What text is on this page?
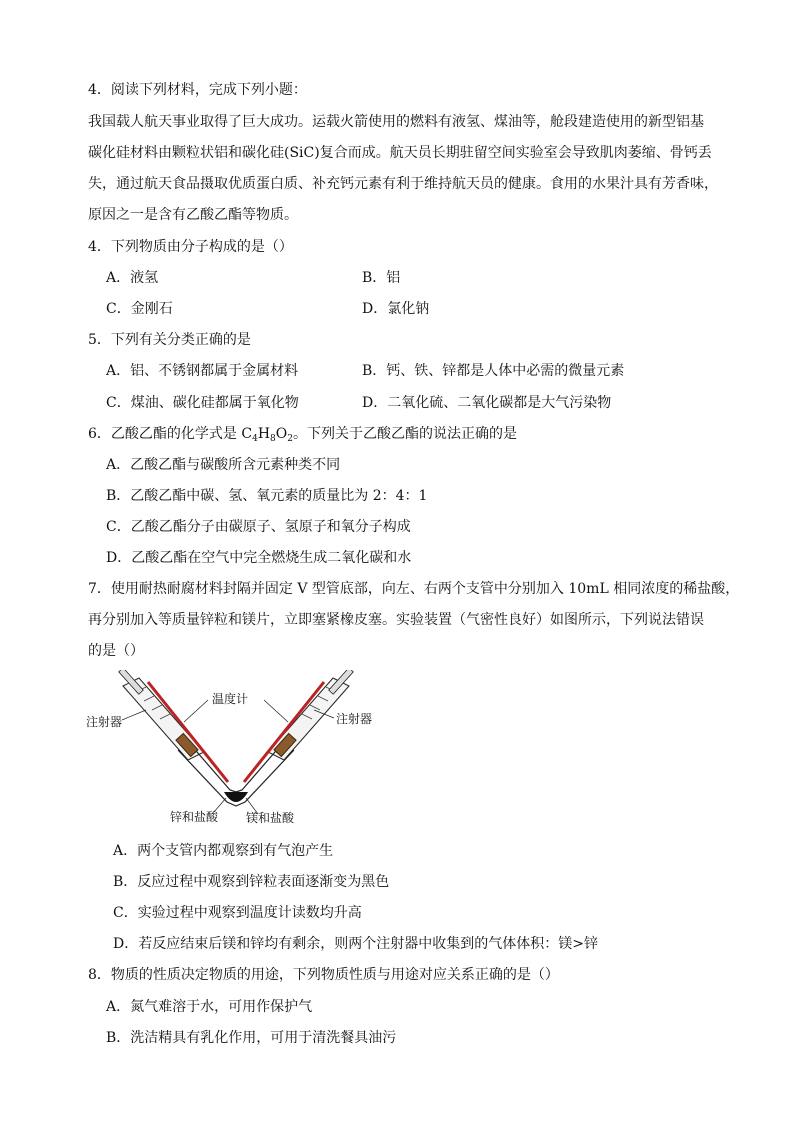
4．阅读下列材料，完成下列小题：
我国载人航天事业取得了巨大成功。运载火箭使用的燃料有液氢、煤油等，舱段建造使用的新型铝基
碳化硅材料由颗粒状铝和碳化硅(SiC)复合而成。航天员长期驻留空间实验室会导致肌肉萎缩、骨钙丢
失，通过航天食品摄取优质蛋白质、补充钙元素有利于维持航天员的健康。食用的水果汁具有芳香味，
原因之一是含有乙酸乙酯等物质。
4．下列物质由分子构成的是（）
A．液氢	B．铝
C．金刚石	D．氯化钠
5．下列有关分类正确的是
A．铝、不锈钢都属于金属材料	B．钙、铁、锌都是人体中必需的微量元素
C．煤油、碳化硅都属于氧化物	D．二氧化硫、二氧化碳都是大气污染物
6．乙酸乙酯的化学式是 $C_4H_8O_2$。下列关于乙酸乙酯的说法正确的是
A．乙酸乙酯与碳酸所含元素种类不同
B．乙酸乙酯中碳、氢、氧元素的质量比为 2：4：1
C．乙酸乙酯分子由碳原子、氢原子和氧分子构成
D．乙酸乙酯在空气中完全燃烧生成二氧化碳和水
7．使用耐热耐腐材料封隔并固定 V 型管底部，向左、右两个支管中分别加入 10mL 相同浓度的稀盐酸，
再分别加入等质量锌粒和镁片，立即塞紧橡皮塞。实验装置（气密性良好）如图所示，下列说法错误
的是（）
温度计
注射器	注射器
锌和盐酸 镁和盐酸
A．两个支管内都观察到有气泡产生
B．反应过程中观察到锌粒表面逐渐变为黑色
C．实验过程中观察到温度计读数均升高
D．若反应结束后镁和锌均有剩余，则两个注射器中收集到的气体体积：镁>锌
8．物质的性质决定物质的用途，下列物质性质与用途对应关系正确的是（）
A．氮气难溶于水，可用作保护气
B．洗洁精具有乳化作用，可用于清洗餐具油污
